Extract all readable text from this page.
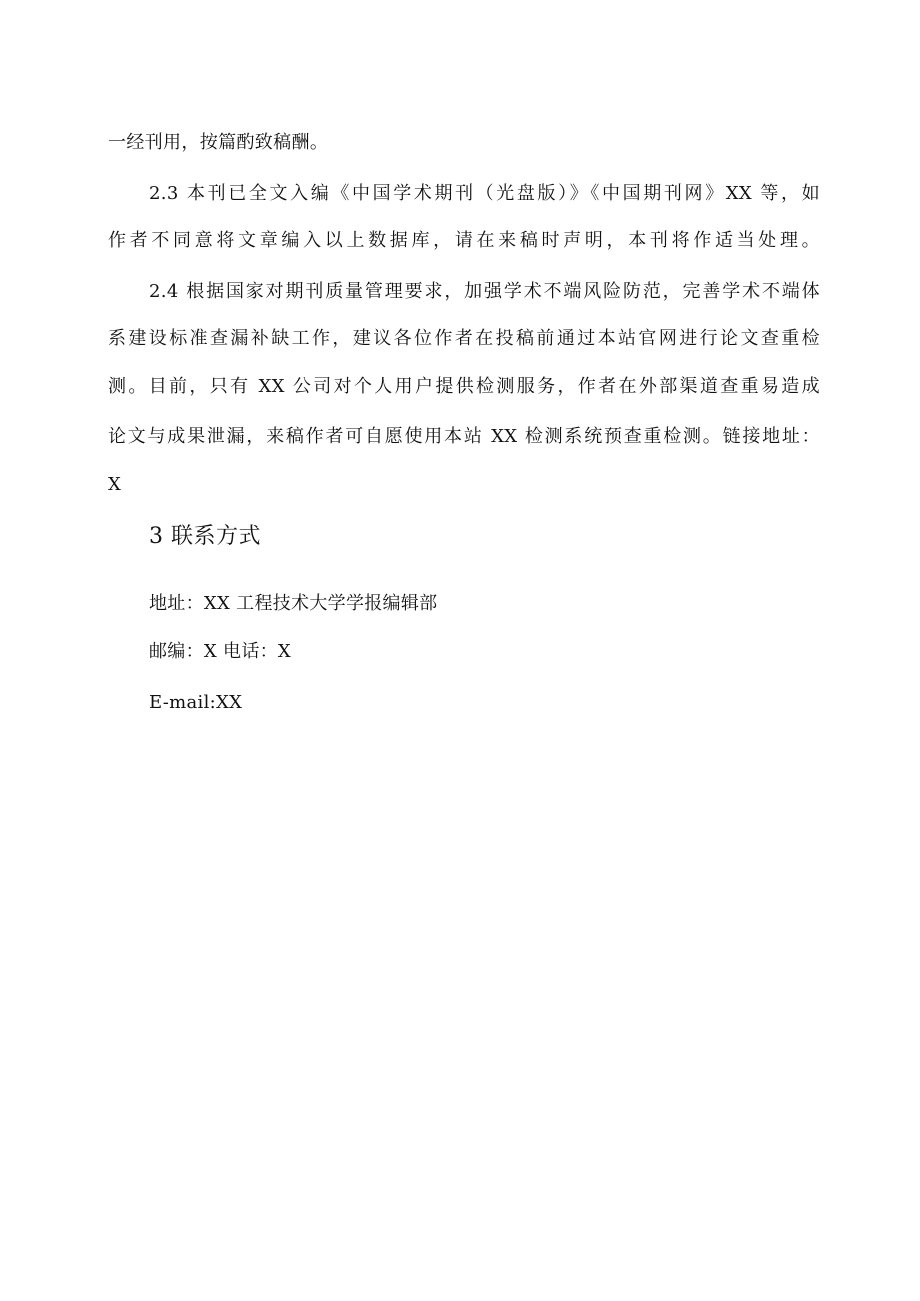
一经刊用，按篇酌致稿酬。
2.3 本刊已全文入编《中国学术期刊（光盘版）》《中国期刊网》XX 等，如
作者不同意将文章编入以上数据库，请在来稿时声明，本刊将作适当处理。
2.4 根据国家对期刊质量管理要求，加强学术不端风险防范，完善学术不端体
系建设标准查漏补缺工作，建议各位作者在投稿前通过本站官网进行论文查重检
测。目前，只有 XX 公司对个人用户提供检测服务，作者在外部渠道查重易造成
论文与成果泄漏，来稿作者可自愿使用本站 XX 检测系统预查重检测。链接地址：
X
3 联系方式
地址：XX 工程技术大学学报编辑部
邮编：X 电话：X
E-mail:XX
